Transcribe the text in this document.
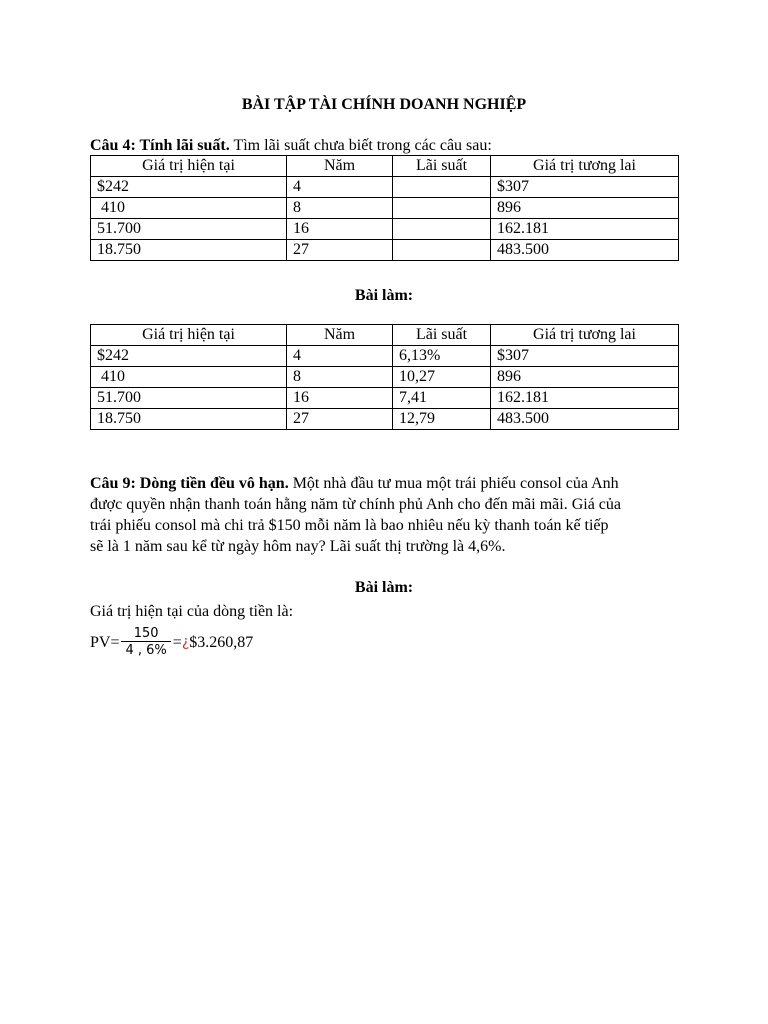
BÀI TẬP TÀI CHÍNH DOANH NGHIỆP
Câu 4: Tính lãi suất. Tìm lãi suất chưa biết trong các câu sau:
Giá trị hiện tại	Năm	Lãi suất	Giá trị tương lai
$242	4		$307
410	8		896
51.700	16		162.181
18.750	27		483.500
Bài làm:
Giá trị hiện tại	Năm	Lãi suất	Giá trị tương lai
$242	4	6,13%	$307
410	8	10,27	896
51.700	16	7,41	162.181
18.750	27	12,79	483.500
Câu 9: Dòng tiền đều vô hạn. Một nhà đầu tư mua một trái phiếu consol của Anh
được quyền nhận thanh toán hằng năm từ chính phủ Anh cho đến mãi mãi. Giá của
trái phiếu consol mà chi trả $150 mỗi năm là bao nhiêu nếu kỳ thanh toán kế tiếp
sẽ là 1 năm sau kể từ ngày hôm nay? Lãi suất thị trường là 4,6%.
Bài làm:
Giá trị hiện tại của dòng tiền là:
$PV= \frac{150}{4 , 6\%}$ = ¿ $3.260,87
